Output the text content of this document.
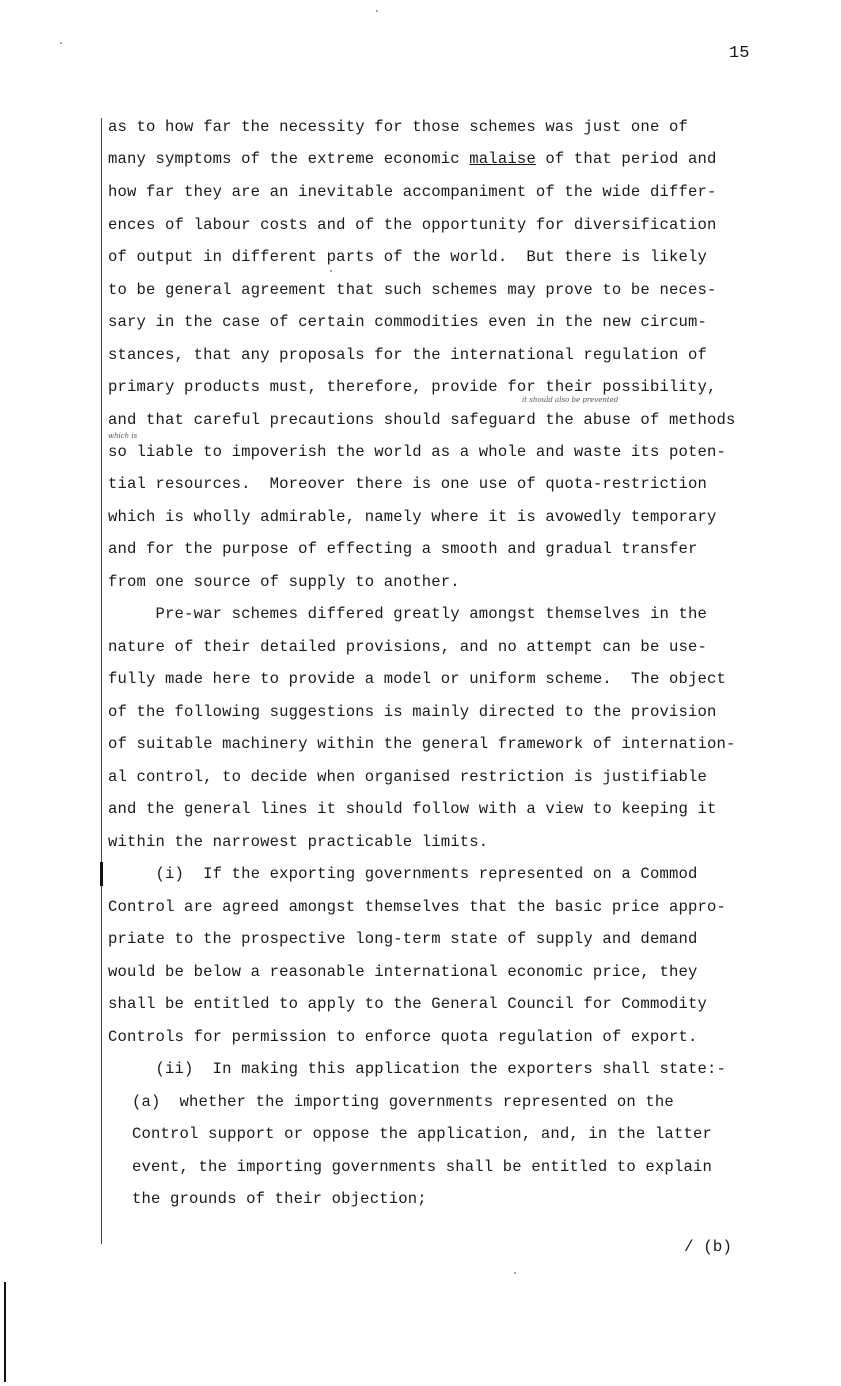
15
as to how far the necessity for those schemes was just one of
many symptoms of the extreme economic malaise of that period and
how far they are an inevitable accompaniment of the wide differ-
ences of labour costs and of the opportunity for diversification
of output in different parts of the world.  But there is likely
to be general agreement that such schemes may prove to be neces-
sary in the case of certain commodities even in the new circum-
stances, that any proposals for the international regulation of
primary products must, therefore, provide for their possibility,
it should also be prevented
and that careful precautions should safeguard the abuse of methods
which is
so liable to impoverish the world as a whole and waste its poten-
tial resources.  Moreover there is one use of quota-restriction
which is wholly admirable, namely where it is avowedly temporary
and for the purpose of effecting a smooth and gradual transfer
from one source of supply to another.
Pre-war schemes differed greatly amongst themselves in the
nature of their detailed provisions, and no attempt can be use-
fully made here to provide a model or uniform scheme.  The object
of the following suggestions is mainly directed to the provision
of suitable machinery within the general framework of internation-
al control, to decide when organised restriction is justifiable
and the general lines it should follow with a view to keeping it
within the narrowest practicable limits.
(i)  If the exporting governments represented on a Commod
Control are agreed amongst themselves that the basic price appro-
priate to the prospective long-term state of supply and demand
would be below a reasonable international economic price, they
shall be entitled to apply to the General Council for Commodity
Controls for permission to enforce quota regulation of export.
(ii)  In making this application the exporters shall state:-
(a)  whether the importing governments represented on the
Control support or oppose the application, and, in the latter
event, the importing governments shall be entitled to explain
the grounds of their objection;
/ (b)
